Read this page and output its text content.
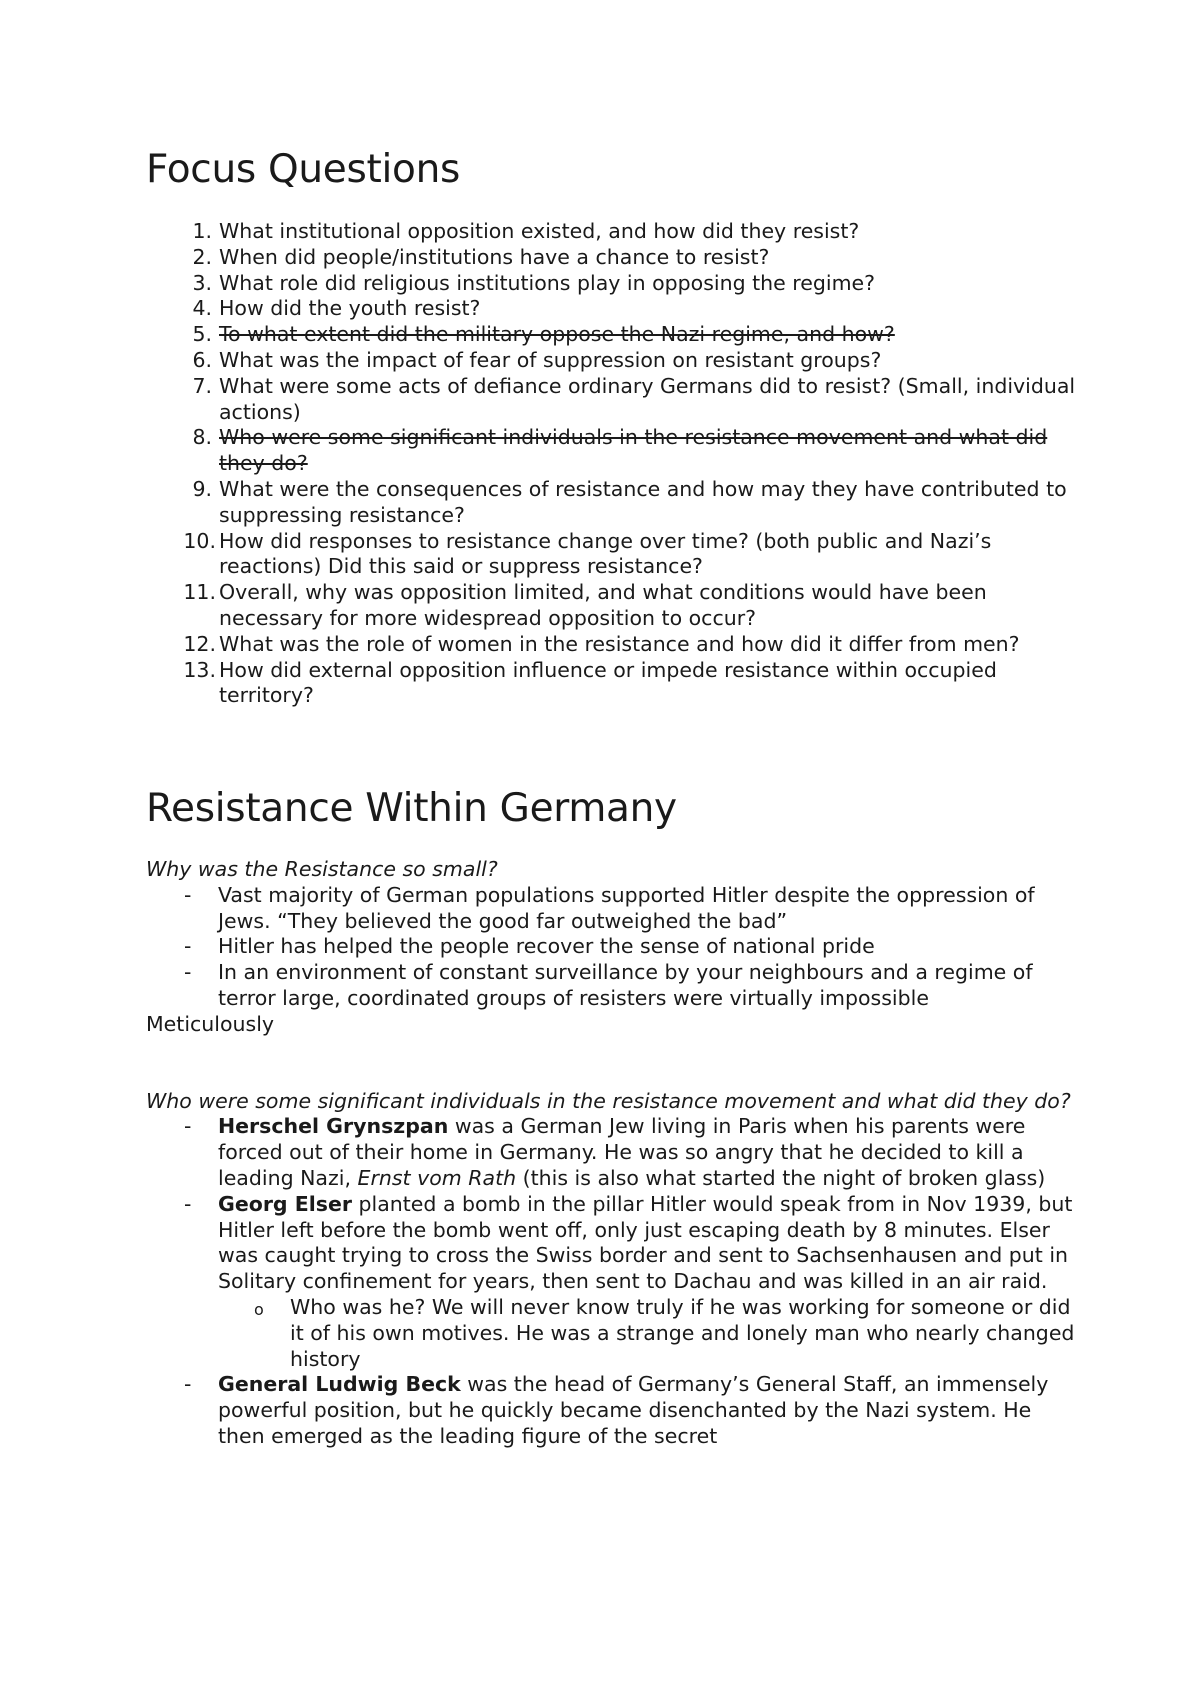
Focus Questions
1. What institutional opposition existed, and how did they resist?
2. When did people/institutions have a chance to resist?
3. What role did religious institutions play in opposing the regime?
4. How did the youth resist?
5. To what extent did the military oppose the Nazi regime, and how?
6. What was the impact of fear of suppression on resistant groups?
7. What were some acts of defiance ordinary Germans did to resist? (Small, individual actions)
8. Who were some significant individuals in the resistance movement and what did they do?
9. What were the consequences of resistance and how may they have contributed to suppressing resistance?
10. How did responses to resistance change over time? (both public and Nazi’s reactions) Did this said or suppress resistance?
11. Overall, why was opposition limited, and what conditions would have been necessary for more widespread opposition to occur?
12. What was the role of women in the resistance and how did it differ from men?
13. How did external opposition influence or impede resistance within occupied territory?
Resistance Within Germany

Why was the Resistance so small?

- Vast majority of German populations supported Hitler despite the oppression of Jews. “They believed the good far outweighed the bad”
- Hitler has helped the people recover the sense of national pride
- In an environment of constant surveillance by your neighbours and a regime of terror large, coordinated groups of resisters were virtually impossible

Meticulously

Who were some significant individuals in the resistance movement and what did they do?

- Herschel Grynszpan was a German Jew living in Paris when his parents were forced out of their home in Germany. He was so angry that he decided to kill a leading Nazi, Ernst vom Rath (this is also what started the night of broken glass)
- Georg Elser planted a bomb in the pillar Hitler would speak from in Nov 1939, but Hitler left before the bomb went off, only just escaping death by 8 minutes. Elser was caught trying to cross the Swiss border and sent to Sachsenhausen and put in Solitary confinement for years, then sent to Dachau and was killed in an air raid.
o Who was he? We will never know truly if he was working for someone or did it of his own motives. He was a strange and lonely man who nearly changed history
- General Ludwig Beck was the head of Germany’s General Staff, an immensely powerful position, but he quickly became disenchanted by the Nazi system. He then emerged as the leading figure of the secret
